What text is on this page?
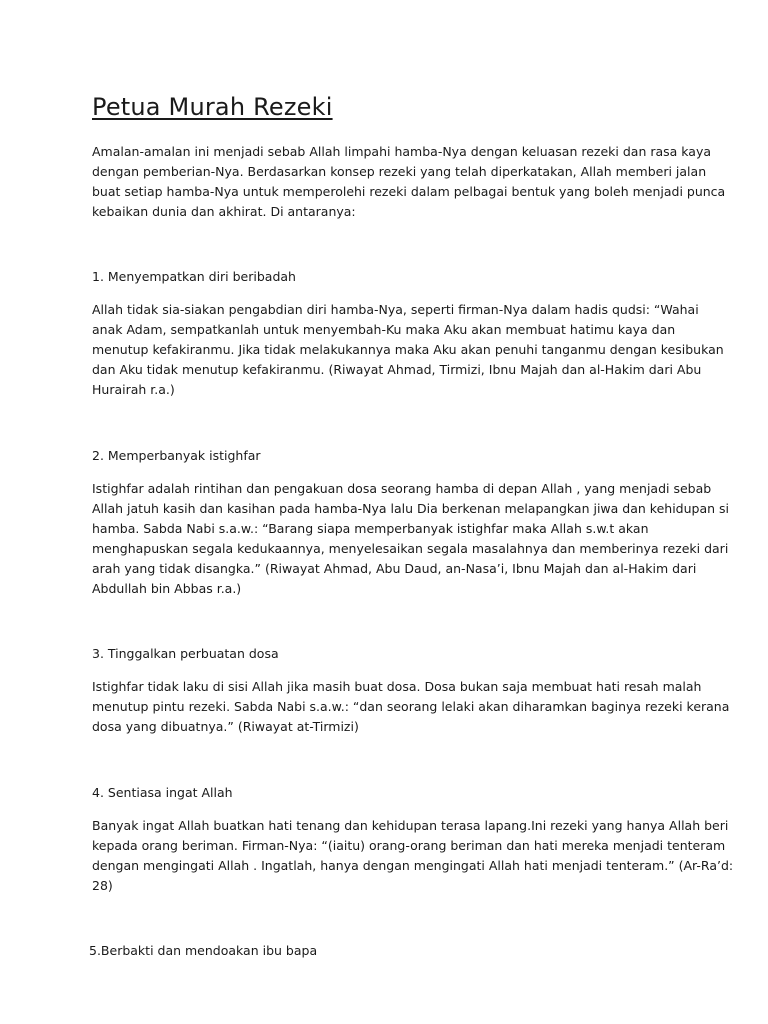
Petua Murah Rezeki

Amalan-amalan ini menjadi sebab Allah limpahi hamba-Nya dengan keluasan rezeki dan rasa kaya
dengan pemberian-Nya. Berdasarkan konsep rezeki yang telah diperkatakan, Allah memberi jalan
buat setiap hamba-Nya untuk memperolehi rezeki dalam pelbagai bentuk yang boleh menjadi punca
kebaikan dunia dan akhirat. Di antaranya:

1. Menyempatkan diri beribadah

Allah tidak sia-siakan pengabdian diri hamba-Nya, seperti firman-Nya dalam hadis qudsi: “Wahai
anak Adam, sempatkanlah untuk menyembah-Ku maka Aku akan membuat hatimu kaya dan
menutup kefakiranmu. Jika tidak melakukannya maka Aku akan penuhi tanganmu dengan kesibukan
dan Aku tidak menutup kefakiranmu. (Riwayat Ahmad, Tirmizi, Ibnu Majah dan al-Hakim dari Abu
Hurairah r.a.)

2. Memperbanyak istighfar

Istighfar adalah rintihan dan pengakuan dosa seorang hamba di depan Allah , yang menjadi sebab
Allah jatuh kasih dan kasihan pada hamba-Nya lalu Dia berkenan melapangkan jiwa dan kehidupan si
hamba. Sabda Nabi s.a.w.: “Barang siapa memperbanyak istighfar maka Allah s.w.t akan
menghapuskan segala kedukaannya, menyelesaikan segala masalahnya dan memberinya rezeki dari
arah yang tidak disangka.” (Riwayat Ahmad, Abu Daud, an-Nasa’i, Ibnu Majah dan al-Hakim dari
Abdullah bin Abbas r.a.)

3. Tinggalkan perbuatan dosa

Istighfar tidak laku di sisi Allah jika masih buat dosa. Dosa bukan saja membuat hati resah malah
menutup pintu rezeki. Sabda Nabi s.a.w.: “dan seorang lelaki akan diharamkan baginya rezeki kerana
dosa yang dibuatnya.” (Riwayat at-Tirmizi)

4. Sentiasa ingat Allah

Banyak ingat Allah buatkan hati tenang dan kehidupan terasa lapang.Ini rezeki yang hanya Allah beri
kepada orang beriman. Firman-Nya: “(iaitu) orang-orang beriman dan hati mereka menjadi tenteram
dengan mengingati Allah . Ingatlah, hanya dengan mengingati Allah hati menjadi tenteram.” (Ar-Ra’d:
28)

5.Berbakti dan mendoakan ibu bapa
